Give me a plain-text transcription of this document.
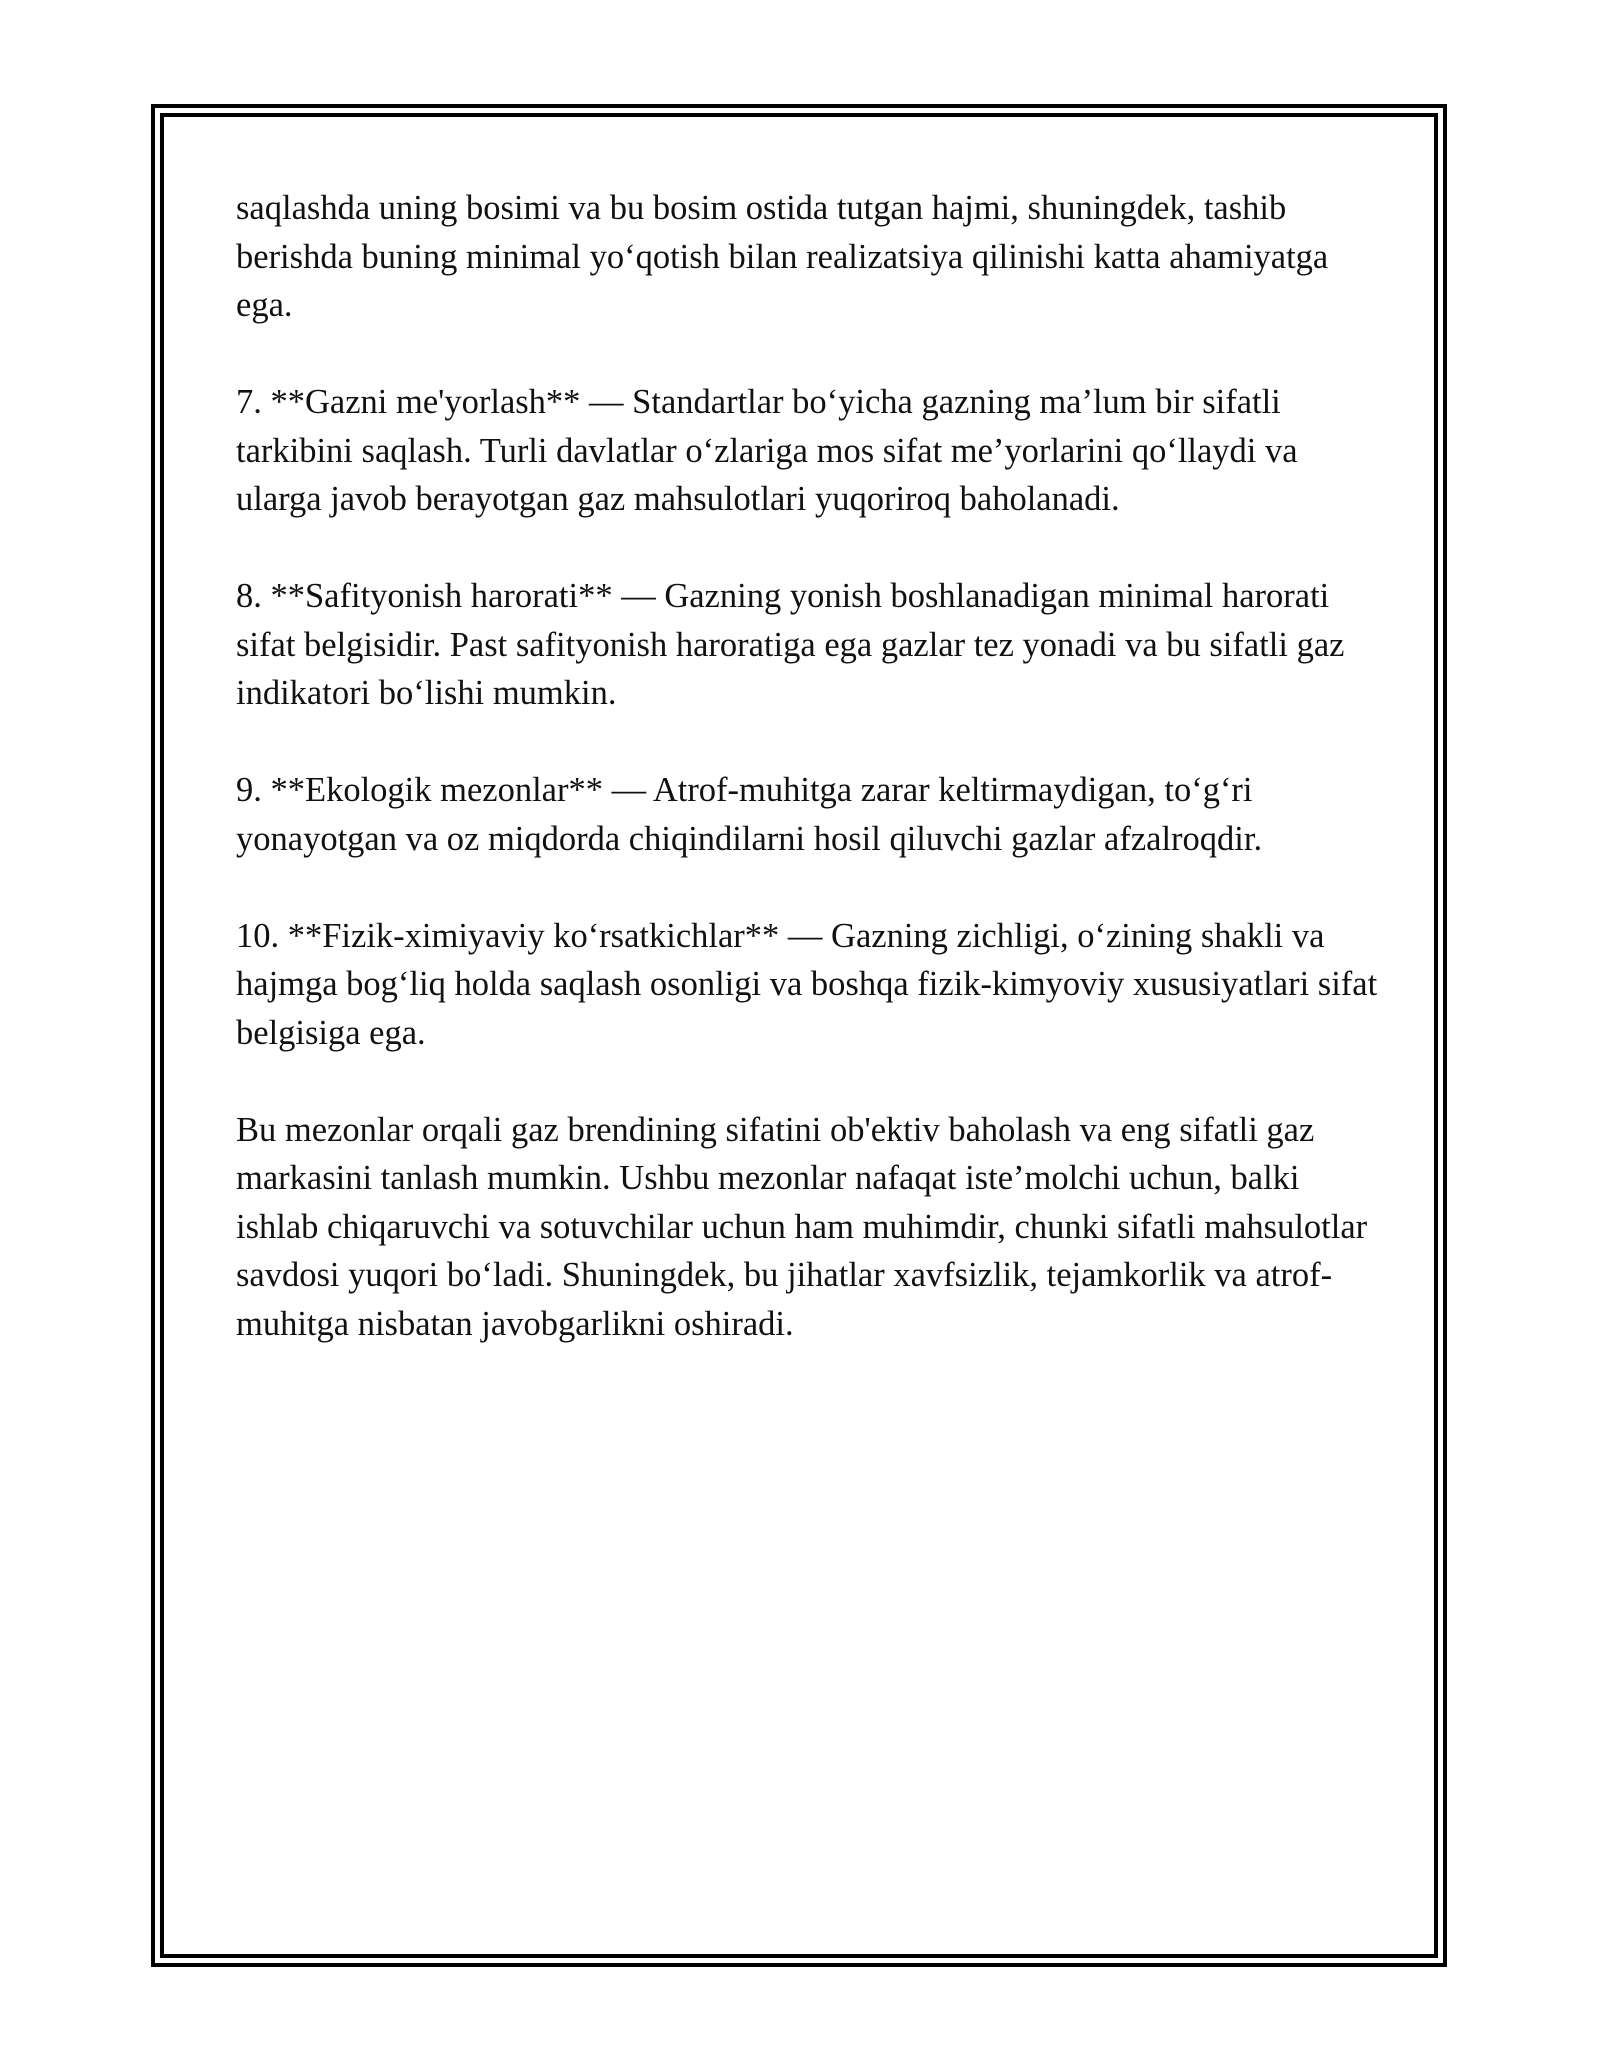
saqlashda uning bosimi va bu bosim ostida tutgan hajmi, shuningdek, tashib berishda buning minimal yo‘qotish bilan realizatsiya qilinishi katta ahamiyatga ega.

7. **Gazni me'yorlash** — Standartlar bo‘yicha gazning ma’lum bir sifatli tarkibini saqlash. Turli davlatlar o‘zlariga mos sifat me’yorlarini qo‘llaydi va ularga javob berayotgan gaz mahsulotlari yuqoriroq baholanadi.

8. **Safityonish harorati** — Gazning yonish boshlanadigan minimal harorati sifat belgisidir. Past safityonish haroratiga ega gazlar tez yonadi va bu sifatli gaz indikatori bo‘lishi mumkin.

9. **Ekologik mezonlar** — Atrof-muhitga zarar keltirmaydigan, to‘g‘ri yonayotgan va oz miqdorda chiqindilarni hosil qiluvchi gazlar afzalroqdir.

10. **Fizik-ximiyaviy ko‘rsatkichlar** — Gazning zichligi, o‘zining shakli va hajmga bog‘liq holda saqlash osonligi va boshqa fizik-kimyoviy xususiyatlari sifat belgisiga ega.

Bu mezonlar orqali gaz brendining sifatini ob'ektiv baholash va eng sifatli gaz markasini tanlash mumkin. Ushbu mezonlar nafaqat iste’molchi uchun, balki ishlab chiqaruvchi va sotuvchilar uchun ham muhimdir, chunki sifatli mahsulotlar savdosi yuqori bo‘ladi. Shuningdek, bu jihatlar xavfsizlik, tejamkorlik va atrof-muhitga nisbatan javobgarlikni oshiradi.
